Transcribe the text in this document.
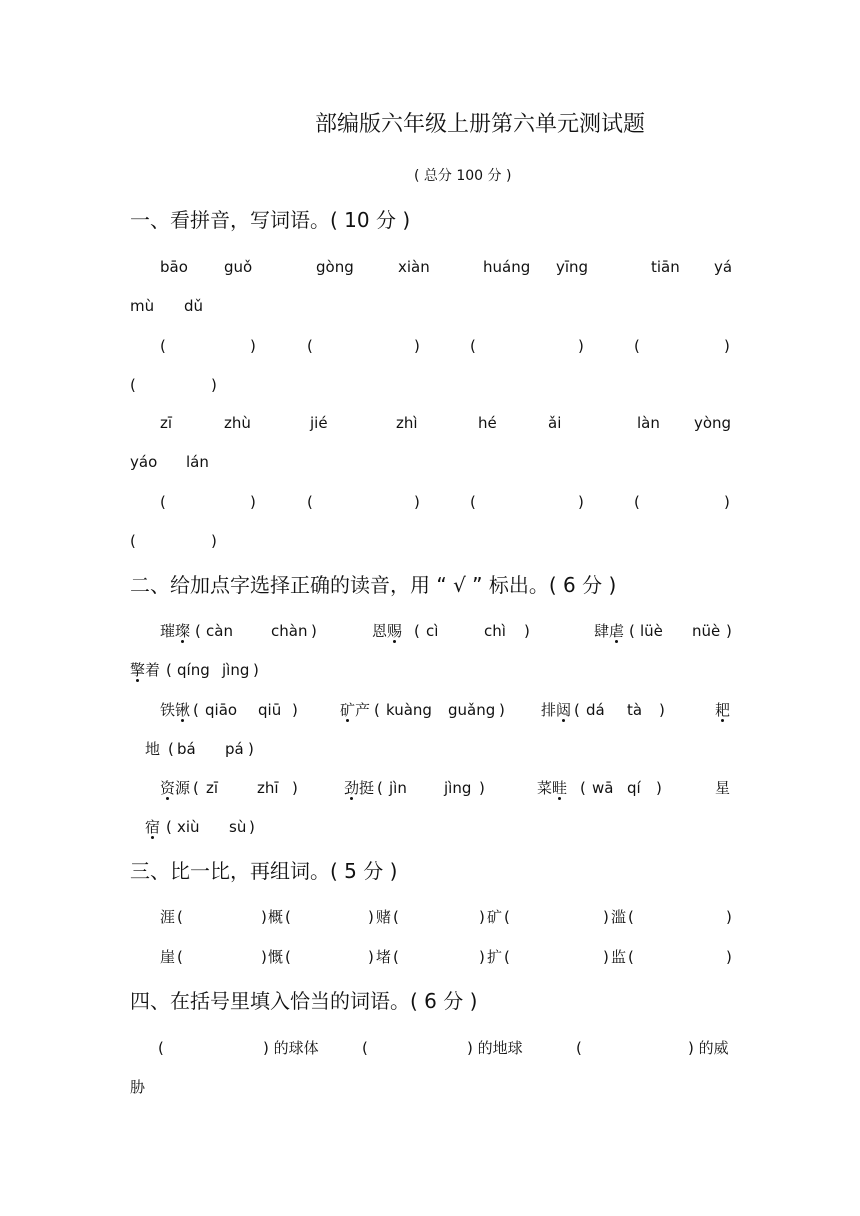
部编版六年级上册第六单元测试题
( 总分 100 分 )
一、看拼音，写词语。( 10 分 )
bāo guǒ	gòng	xiàn	huáng yīng	tiān yá
mù dǔ
(	)	(	)	(	)	(	)
(	)
zī	zhù	jié	zhì	hé	ǎi	làn yòng
yáo lán
(	)	(	)	(	)	(	)
(	)
二、给加点字选择正确的读音，用 “ √ ” 标出。( 6 分 )
璀璨 ( càn	chàn )	恩赐 ( cì	chì )	肆虐 ( lüè nüè )
擎着 ( qíng jìng )
铁锹 ( qiāo qiū )	矿产 ( kuàng guǎng ) 排闼 ( dá tà )	耙
地 ( bá pá )
资源 ( zī	zhī )	劲挺 ( jìn jìng )	菜畦 ( wā qí )	星
宿 ( xiù sù )
三、比一比，再组词。( 5 分 )
涯 (	) 概 (	) 赌 (	) 矿 (	) 滥 (	)
崖 (	) 慨 (	) 堵 (	) 扩 (	) 监 (	)
四、在括号里填入恰当的词语。( 6 分 )
(	) 的球体	(	) 的地球	(	) 的威
胁
